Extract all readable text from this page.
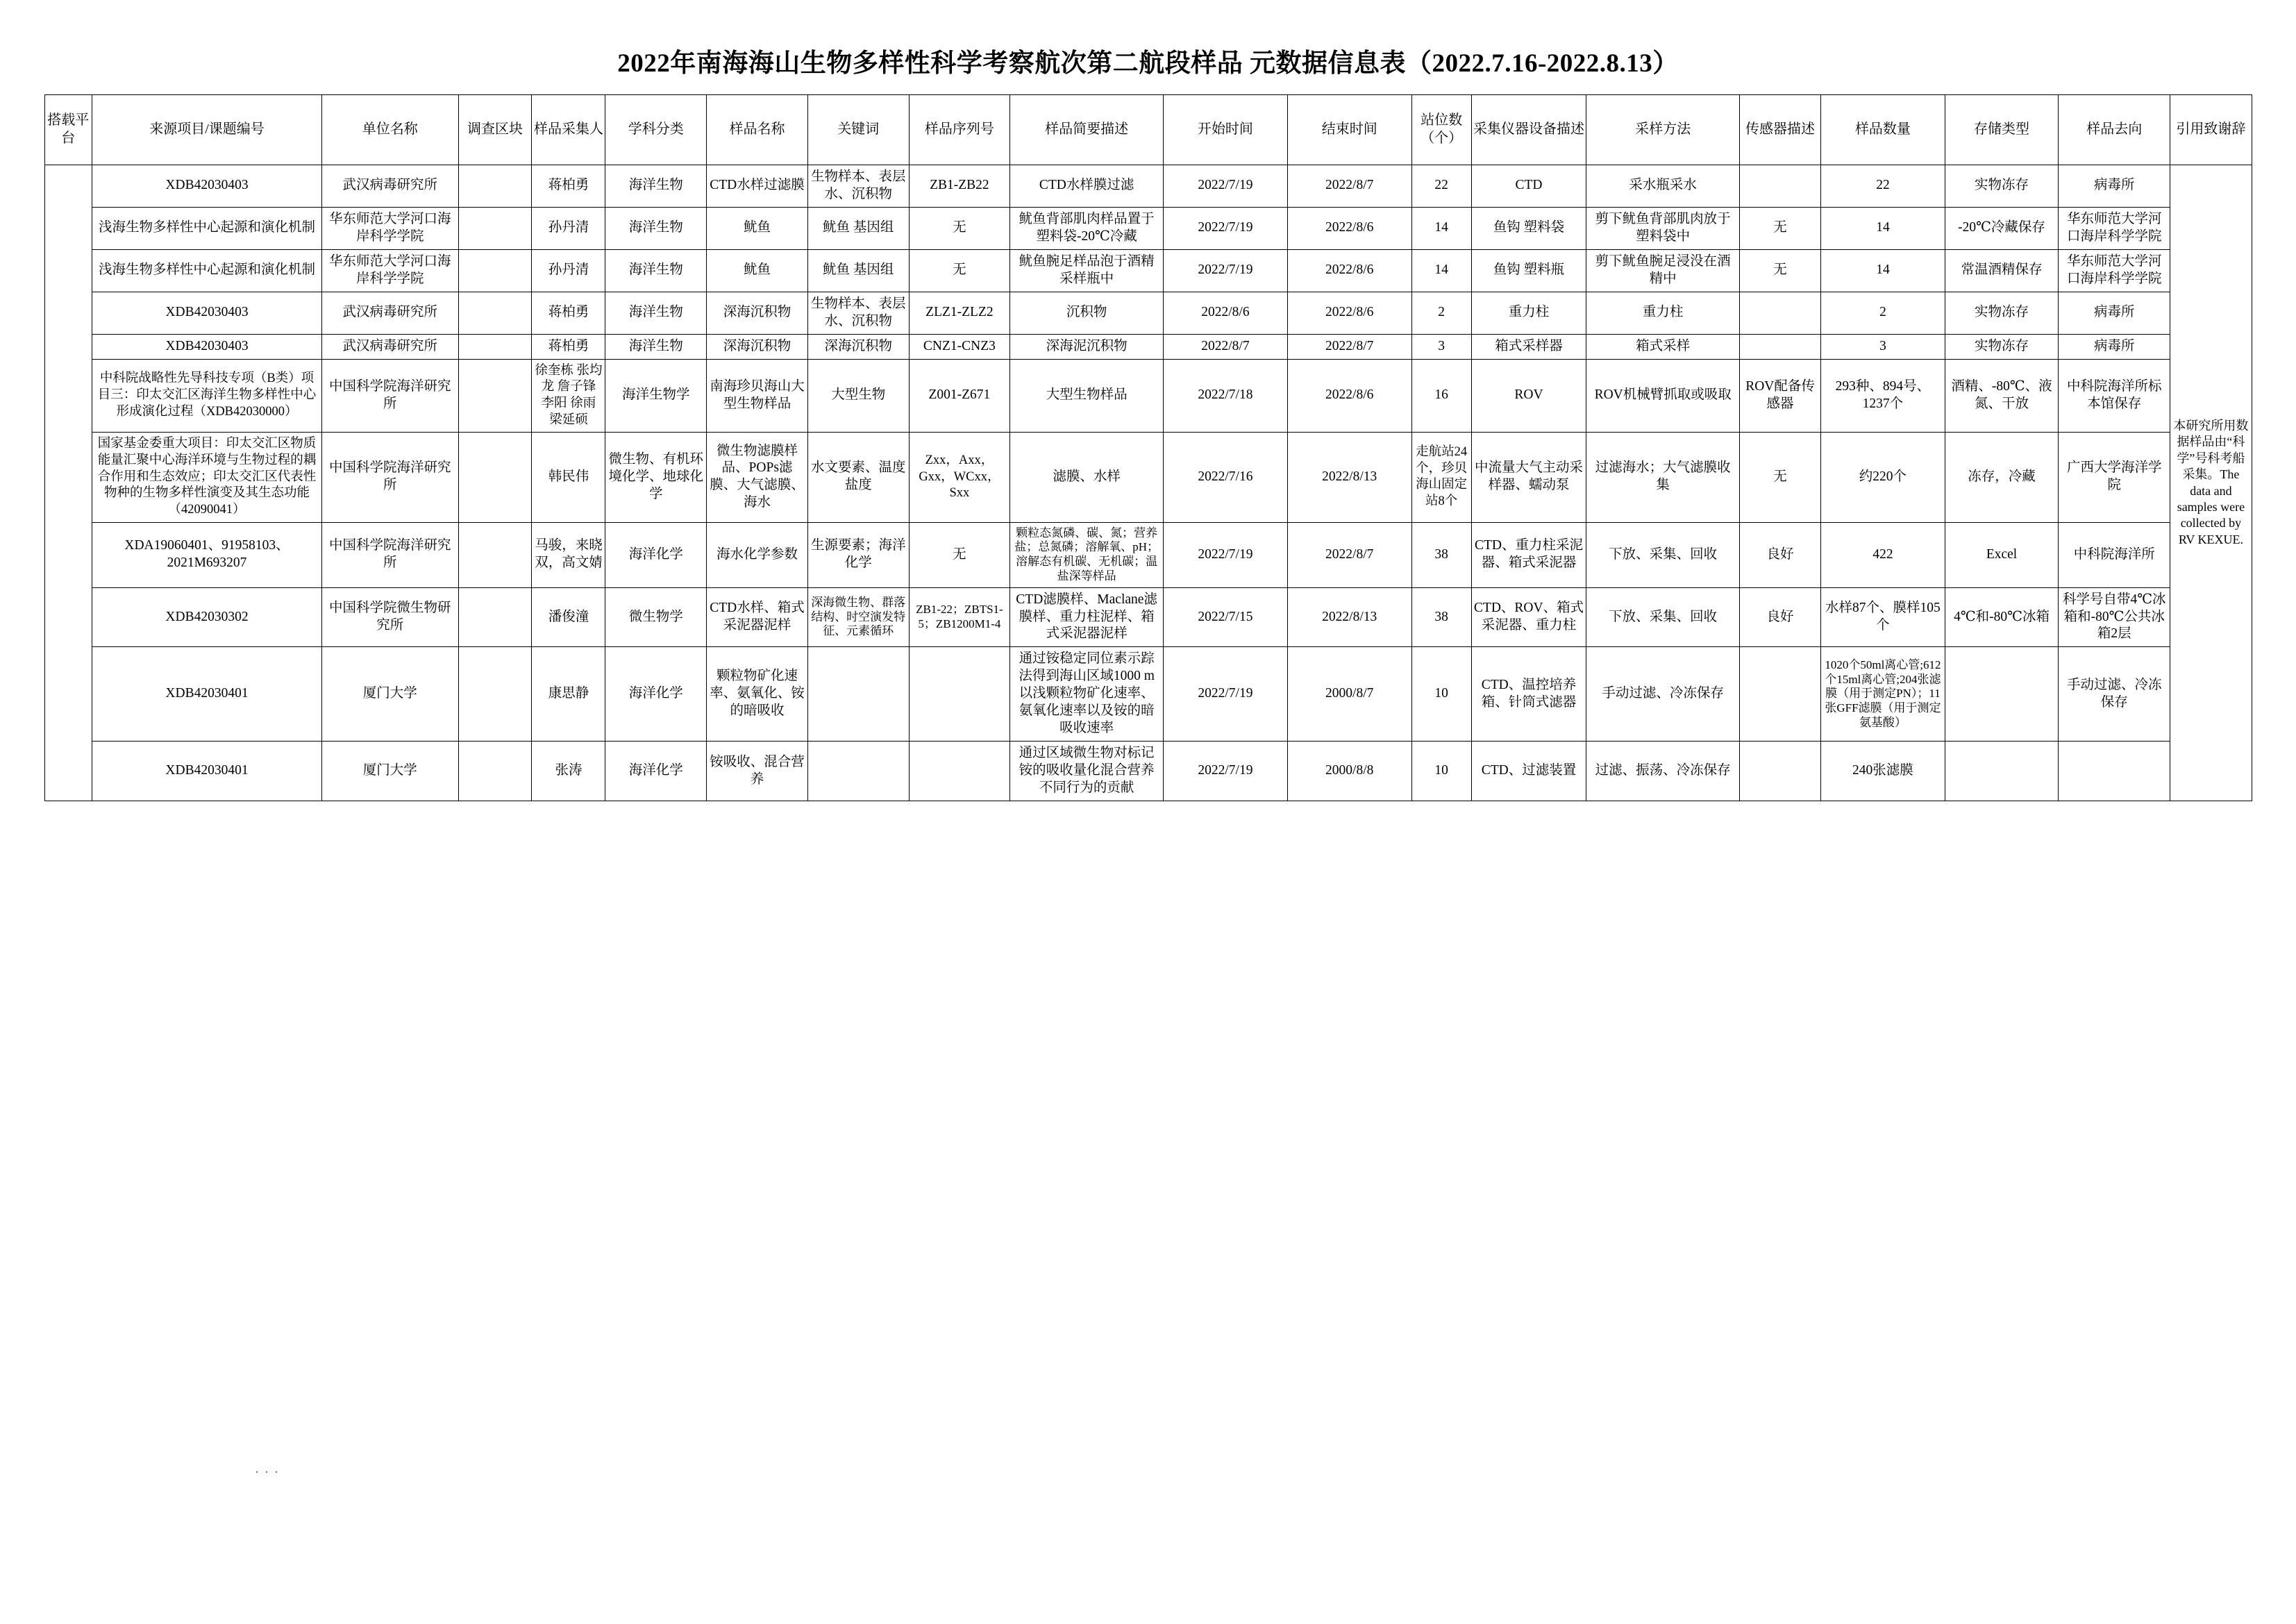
2022年南海海山生物多样性科学考察航次第二航段样品 元数据信息表（2022.7.16-2022.8.13）
搭载平台	来源项目/课题编号	单位名称	调查区块	样品采集人	学科分类	样品名称	关键词	样品序列号	样品简要描述	开始时间	结束时间	站位数（个）	采集仪器设备描述	采样方法	传感器描述	样品数量	存储类型	样品去向	引用致谢辞
	XDB42030403	武汉病毒研究所		蒋柏勇	海洋生物	CTD水样过滤膜	生物样本、表层水、沉积物	ZB1-ZB22	CTD水样膜过滤	2022/7/19	2022/8/7	22	CTD	采水瓶采水		22	实物冻存	病毒所	本研究所用数据样品由“科学”号科考船采集。The data and samples were collected by RV KEXUE.
	浅海生物多样性中心起源和演化机制	华东师范大学河口海岸科学学院		孙丹清	海洋生物	鱿鱼	鱿鱼 基因组	无	鱿鱼背部肌肉样品置于塑料袋-20℃冷藏	2022/7/19	2022/8/6	14	鱼钩 塑料袋	剪下鱿鱼背部肌肉放于塑料袋中	无	14	-20℃冷藏保存	华东师范大学河口海岸科学学院	
	浅海生物多样性中心起源和演化机制	华东师范大学河口海岸科学学院		孙丹清	海洋生物	鱿鱼	鱿鱼 基因组	无	鱿鱼腕足样品泡于酒精采样瓶中	2022/7/19	2022/8/6	14	鱼钩 塑料瓶	剪下鱿鱼腕足浸没在酒精中	无	14	常温酒精保存	华东师范大学河口海岸科学学院	
	XDB42030403	武汉病毒研究所		蒋柏勇	海洋生物	深海沉积物	生物样本、表层水、沉积物	ZLZ1-ZLZ2	沉积物	2022/8/6	2022/8/6	2	重力柱	重力柱		2	实物冻存	病毒所	
	XDB42030403	武汉病毒研究所		蒋柏勇	海洋生物	深海沉积物	深海沉积物	CNZ1-CNZ3	深海泥沉积物	2022/8/7	2022/8/7	3	箱式采样器	箱式采样		3	实物冻存	病毒所	
	中科院战略性先导科技专项（B类）项目三：印太交汇区海洋生物多样性中心形成演化过程（XDB42030000）	中国科学院海洋研究所		徐奎栋 张均龙 詹子锋 李阳 徐雨 梁延硕	海洋生物学	南海珍贝海山大型生物样品	大型生物	Z001-Z671	大型生物样品	2022/7/18	2022/8/6	16	ROV	ROV机械臂抓取或吸取	ROV配备传感器	293种、894号、1237个	酒精、-80℃、液氮、干放	中科院海洋所标本馆保存	
	国家基金委重大项目：印太交汇区物质能量汇聚中心海洋环境与生物过程的耦合作用和生态效应；印太交汇区代表性物种的生物多样性演变及其生态功能（42090041）	中国科学院海洋研究所		韩民伟	微生物、有机环境化学、地球化学	微生物滤膜样品、POPs滤膜、大气滤膜、海水	水文要素、温度盐度	Zxx，Axx，Gxx，WCxx，Sxx	滤膜、水样	2022/7/16	2022/8/13	走航站24个，珍贝海山固定站8个	中流量大气主动采样器、蠕动泵	过滤海水；大气滤膜收集	无	约220个	冻存，冷藏	广西大学海洋学院	
	XDA19060401、91958103、2021M693207	中国科学院海洋研究所		马骏，来晓双，高文婧	海洋化学	海水化学参数	生源要素；海洋化学	无	颗粒态氮磷、碳、氮；营养盐；总氮磷；溶解氧、pH；溶解态有机碳、无机碳；温盐深等样品	2022/7/19	2022/8/7	38	CTD、重力柱采泥器、箱式采泥器	下放、采集、回收	良好	422	Excel	中科院海洋所	
	XDB42030302	中国科学院微生物研究所		潘俊潼	微生物学	CTD水样、箱式采泥器泥样	深海微生物、群落结构、时空演发特征、元素循环	ZB1-22；ZBTS1-5；ZB1200M1-4	CTD滤膜样、Maclane滤膜样、重力柱泥样、箱式采泥器泥样	2022/7/15	2022/8/13	38	CTD、ROV、箱式采泥器、重力柱	下放、采集、回收	良好	水样87个、膜样105个	4℃和-80℃冰箱	科学号自带4℃冰箱和-80℃公共冰箱2层	
	XDB42030401	厦门大学		康思静	海洋化学	颗粒物矿化速率、氨氧化、铵的暗吸收			通过铵稳定同位素示踪法得到海山区域1000 m以浅颗粒物矿化速率、氨氧化速率以及铵的暗吸收速率	2022/7/19	2000/8/7	10	CTD、温控培养箱、针筒式滤器	手动过滤、冷冻保存		1020个50ml离心管;612个15ml离心管;204张滤膜（用于测定PN）；11张GFF滤膜（用于测定氨基酸）		手动过滤、冷冻保存	
	XDB42030401	厦门大学		张涛	海洋化学	铵吸收、混合营养			通过区域微生物对标记铵的吸收量化混合营养不同行为的贡献	2022/7/19	2000/8/8	10	CTD、过滤装置	过滤、振荡、冷冻保存		240张滤膜			
. . .
